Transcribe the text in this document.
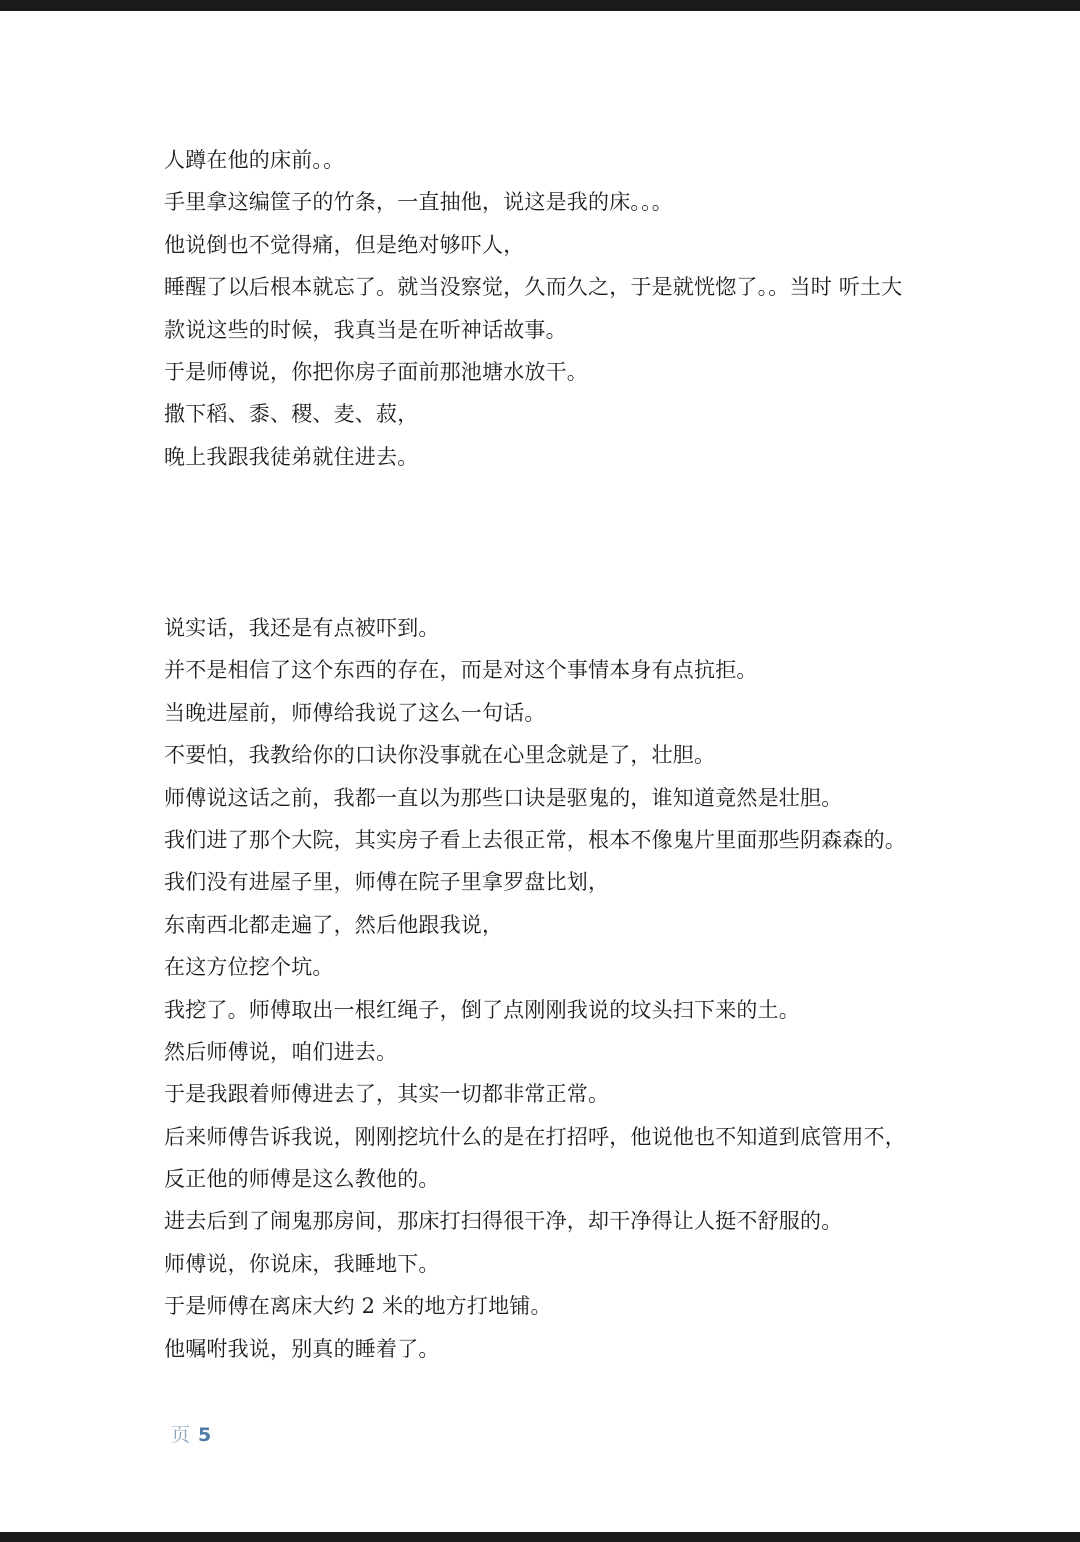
人蹲在他的床前。。
手里拿这编筐子的竹条，一直抽他，说这是我的床。。。
他说倒也不觉得痛，但是绝对够吓人，
睡醒了以后根本就忘了。就当没察觉，久而久之，于是就恍惚了。。当时 听土大
款说这些的时候，我真当是在听神话故事。
于是师傅说，你把你房子面前那池塘水放干。
撒下稻、黍、稷、麦、菽，
晚上我跟我徒弟就住进去。
说实话，我还是有点被吓到。
并不是相信了这个东西的存在，而是对这个事情本身有点抗拒。
当晚进屋前，师傅给我说了这么一句话。
不要怕，我教给你的口诀你没事就在心里念就是了，壮胆。
师傅说这话之前，我都一直以为那些口诀是驱鬼的，谁知道竟然是壮胆。
我们进了那个大院，其实房子看上去很正常，根本不像鬼片里面那些阴森森的。
我们没有进屋子里，师傅在院子里拿罗盘比划，
东南西北都走遍了，然后他跟我说，
在这方位挖个坑。
我挖了。师傅取出一根红绳子，倒了点刚刚我说的坟头扫下来的土。
然后师傅说，咱们进去。
于是我跟着师傅进去了，其实一切都非常正常。
后来师傅告诉我说，刚刚挖坑什么的是在打招呼，他说他也不知道到底管用不，
反正他的师傅是这么教他的。
进去后到了闹鬼那房间，那床打扫得很干净，却干净得让人挺不舒服的。
师傅说，你说床，我睡地下。
于是师傅在离床大约 2 米的地方打地铺。
他嘱咐我说，别真的睡着了。
页 5
